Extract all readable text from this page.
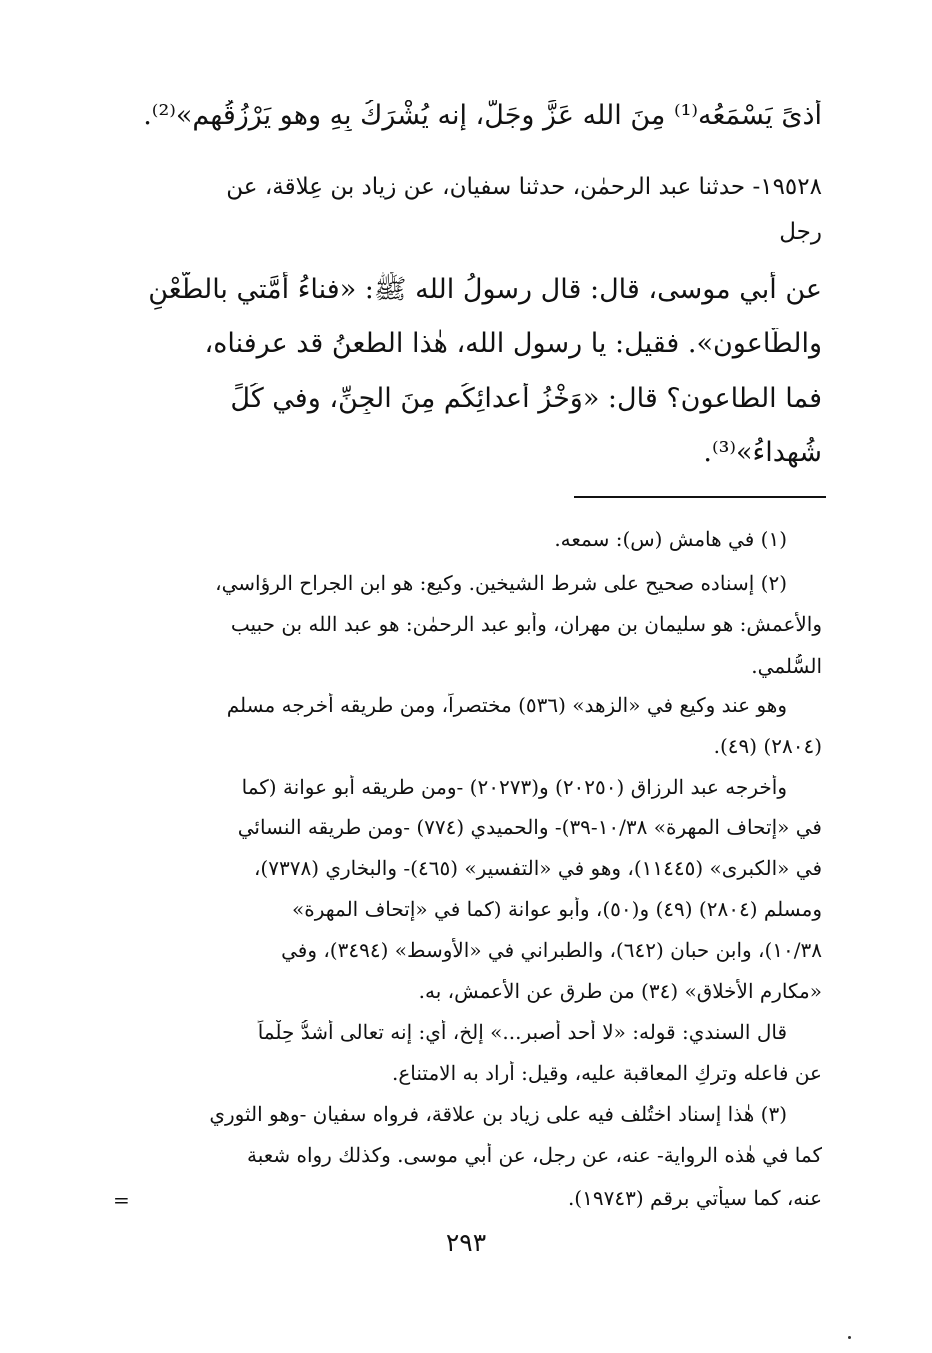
أَذىً يَسْمَعُه⁽¹⁾ مِنَ الله عَزَّ وجَلَّ، إنه يُشْرَكُ بِهِ وهو يَرْزُقُهم»⁽²⁾.
١٩٥٢٨- حدثنا عبد الرحمٰن، حدثنا سفيان، عن زياد بن عِلاقة، عن
رجل
عن أبي موسى، قال: قال رسولُ الله ﷺ: «فناءُ أُمَّتي بالطَّعْنِ
والطّاعون». فقيل: يا رسول الله، هٰذا الطعنُ قد عرفناه،
فما الطاعون؟ قال: «وَخْزُ أعدائِكُم مِنَ الجِنِّ، وفي كُلٍّ
شُهداءُ»⁽³⁾.
(١) في هامش (س): سمعه.
(٢) إسناده صحيح على شرط الشيخين. وكيع: هو ابن الجراح الرؤاسي،
والأعمش: هو سليمان بن مهران، وأبو عبد الرحمٰن: هو عبد الله بن حبيب
السُّلمي.
وهو عند وكيع في «الزهد» (٥٣٦) مختصراً، ومن طريقه أخرجه مسلم
(٢٨٠٤) (٤٩).
وأخرجه عبد الرزاق (٢٠٢٥٠) و(٢٠٢٧٣) -ومن طريقه أبو عوانة (كما
في «إتحاف المهرة» ١٠/٣٨-٣٩)- والحميدي (٧٧٤) -ومن طريقه النسائي
في «الكبرى» (١١٤٤٥)، وهو في «التفسير» (٤٦٥)- والبخاري (٧٣٧٨)،
ومسلم (٢٨٠٤) (٤٩) و(٥٠)، وأبو عوانة (كما في «إتحاف المهرة»
١٠/٣٨)، وابن حبان (٦٤٢)، والطبراني في «الأوسط» (٣٤٩٤)، وفي
«مكارم الأخلاق» (٣٤) من طرق عن الأعمش، به.
قال السندي: قوله: «لا أحد أصبر...» إلخ، أي: إنه تعالى أشدُّ حِلْماً
عن فاعله وتركِ المعاقبة عليه، وقيل: أراد به الامتناع.
(٣) هٰذا إسناد اختُلف فيه على زياد بن علاقة، فرواه سفيان -وهو الثوري
كما في هٰذه الرواية- عنه، عن رجل، عن أبي موسى. وكذلك رواه شعبة
عنه، كما سيأتي برقم (١٩٧٤٣).
=
٢٩٣
